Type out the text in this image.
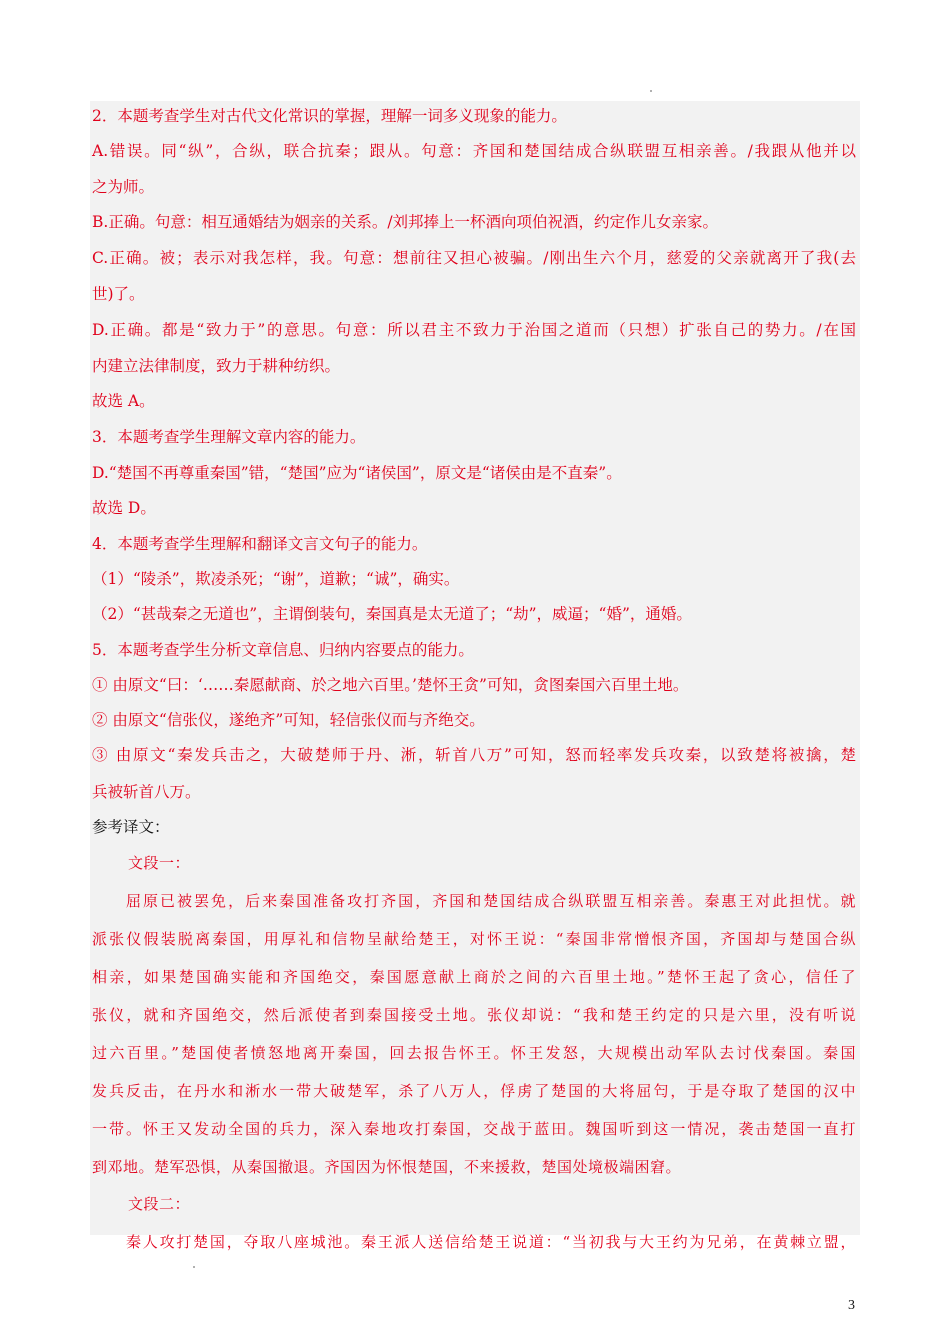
2．本题考查学生对古代文化常识的掌握，理解一词多义现象的能力。
A.错误。同“纵”，合纵，联合抗秦；跟从。句意：齐国和楚国结成合纵联盟互相亲善。/我跟从他并以
之为师。
B.正确。句意：相互通婚结为姻亲的关系。/刘邦捧上一杯酒向项伯祝酒，约定作儿女亲家。
C.正确。被；表示对我怎样，我。句意：想前往又担心被骗。/刚出生六个月，慈爱的父亲就离开了我(去
世)了。
D.正确。都是“致力于”的意思。句意：所以君主不致力于治国之道而（只想）扩张自己的势力。/在国
内建立法律制度，致力于耕种纺织。
故选 A。
3．本题考查学生理解文章内容的能力。
D.“楚国不再尊重秦国”错，“楚国”应为“诸侯国”，原文是“诸侯由是不直秦”。
故选 D。
4．本题考查学生理解和翻译文言文句子的能力。
（1）“陵杀”，欺凌杀死；“谢”，道歉；“诚”，确实。
（2）“甚哉秦之无道也”，主谓倒装句，秦国真是太无道了；“劫”，威逼；“婚”，通婚。
5．本题考查学生分析文章信息、归纳内容要点的能力。
① 由原文“曰：‘……秦愿献商、於之地六百里。’楚怀王贪”可知，贪图秦国六百里土地。
② 由原文“信张仪，遂绝齐”可知，轻信张仪而与齐绝交。
③ 由原文“秦发兵击之，大破楚师于丹、淅，斩首八万”可知，怒而轻率发兵攻秦，以致楚将被擒，楚
兵被斩首八万。
参考译文：
文段一：
屈原已被罢免，后来秦国准备攻打齐国，齐国和楚国结成合纵联盟互相亲善。秦惠王对此担忧。就
派张仪假装脱离秦国，用厚礼和信物呈献给楚王，对怀王说：“秦国非常憎恨齐国，齐国却与楚国合纵
相亲，如果楚国确实能和齐国绝交，秦国愿意献上商於之间的六百里土地。”楚怀王起了贪心，信任了
张仪，就和齐国绝交，然后派使者到秦国接受土地。张仪却说：“我和楚王约定的只是六里，没有听说
过六百里。”楚国使者愤怒地离开秦国，回去报告怀王。怀王发怒，大规模出动军队去讨伐秦国。秦国
发兵反击，在丹水和淅水一带大破楚军，杀了八万人，俘虏了楚国的大将屈匄，于是夺取了楚国的汉中
一带。怀王又发动全国的兵力，深入秦地攻打秦国，交战于蓝田。魏国听到这一情况，袭击楚国一直打
到邓地。楚军恐惧，从秦国撤退。齐国因为怀恨楚国，不来援救，楚国处境极端困窘。
文段二：
秦人攻打楚国，夺取八座城池。秦王派人送信给楚王说道：“当初我与大王约为兄弟，在黄棘立盟，
3
